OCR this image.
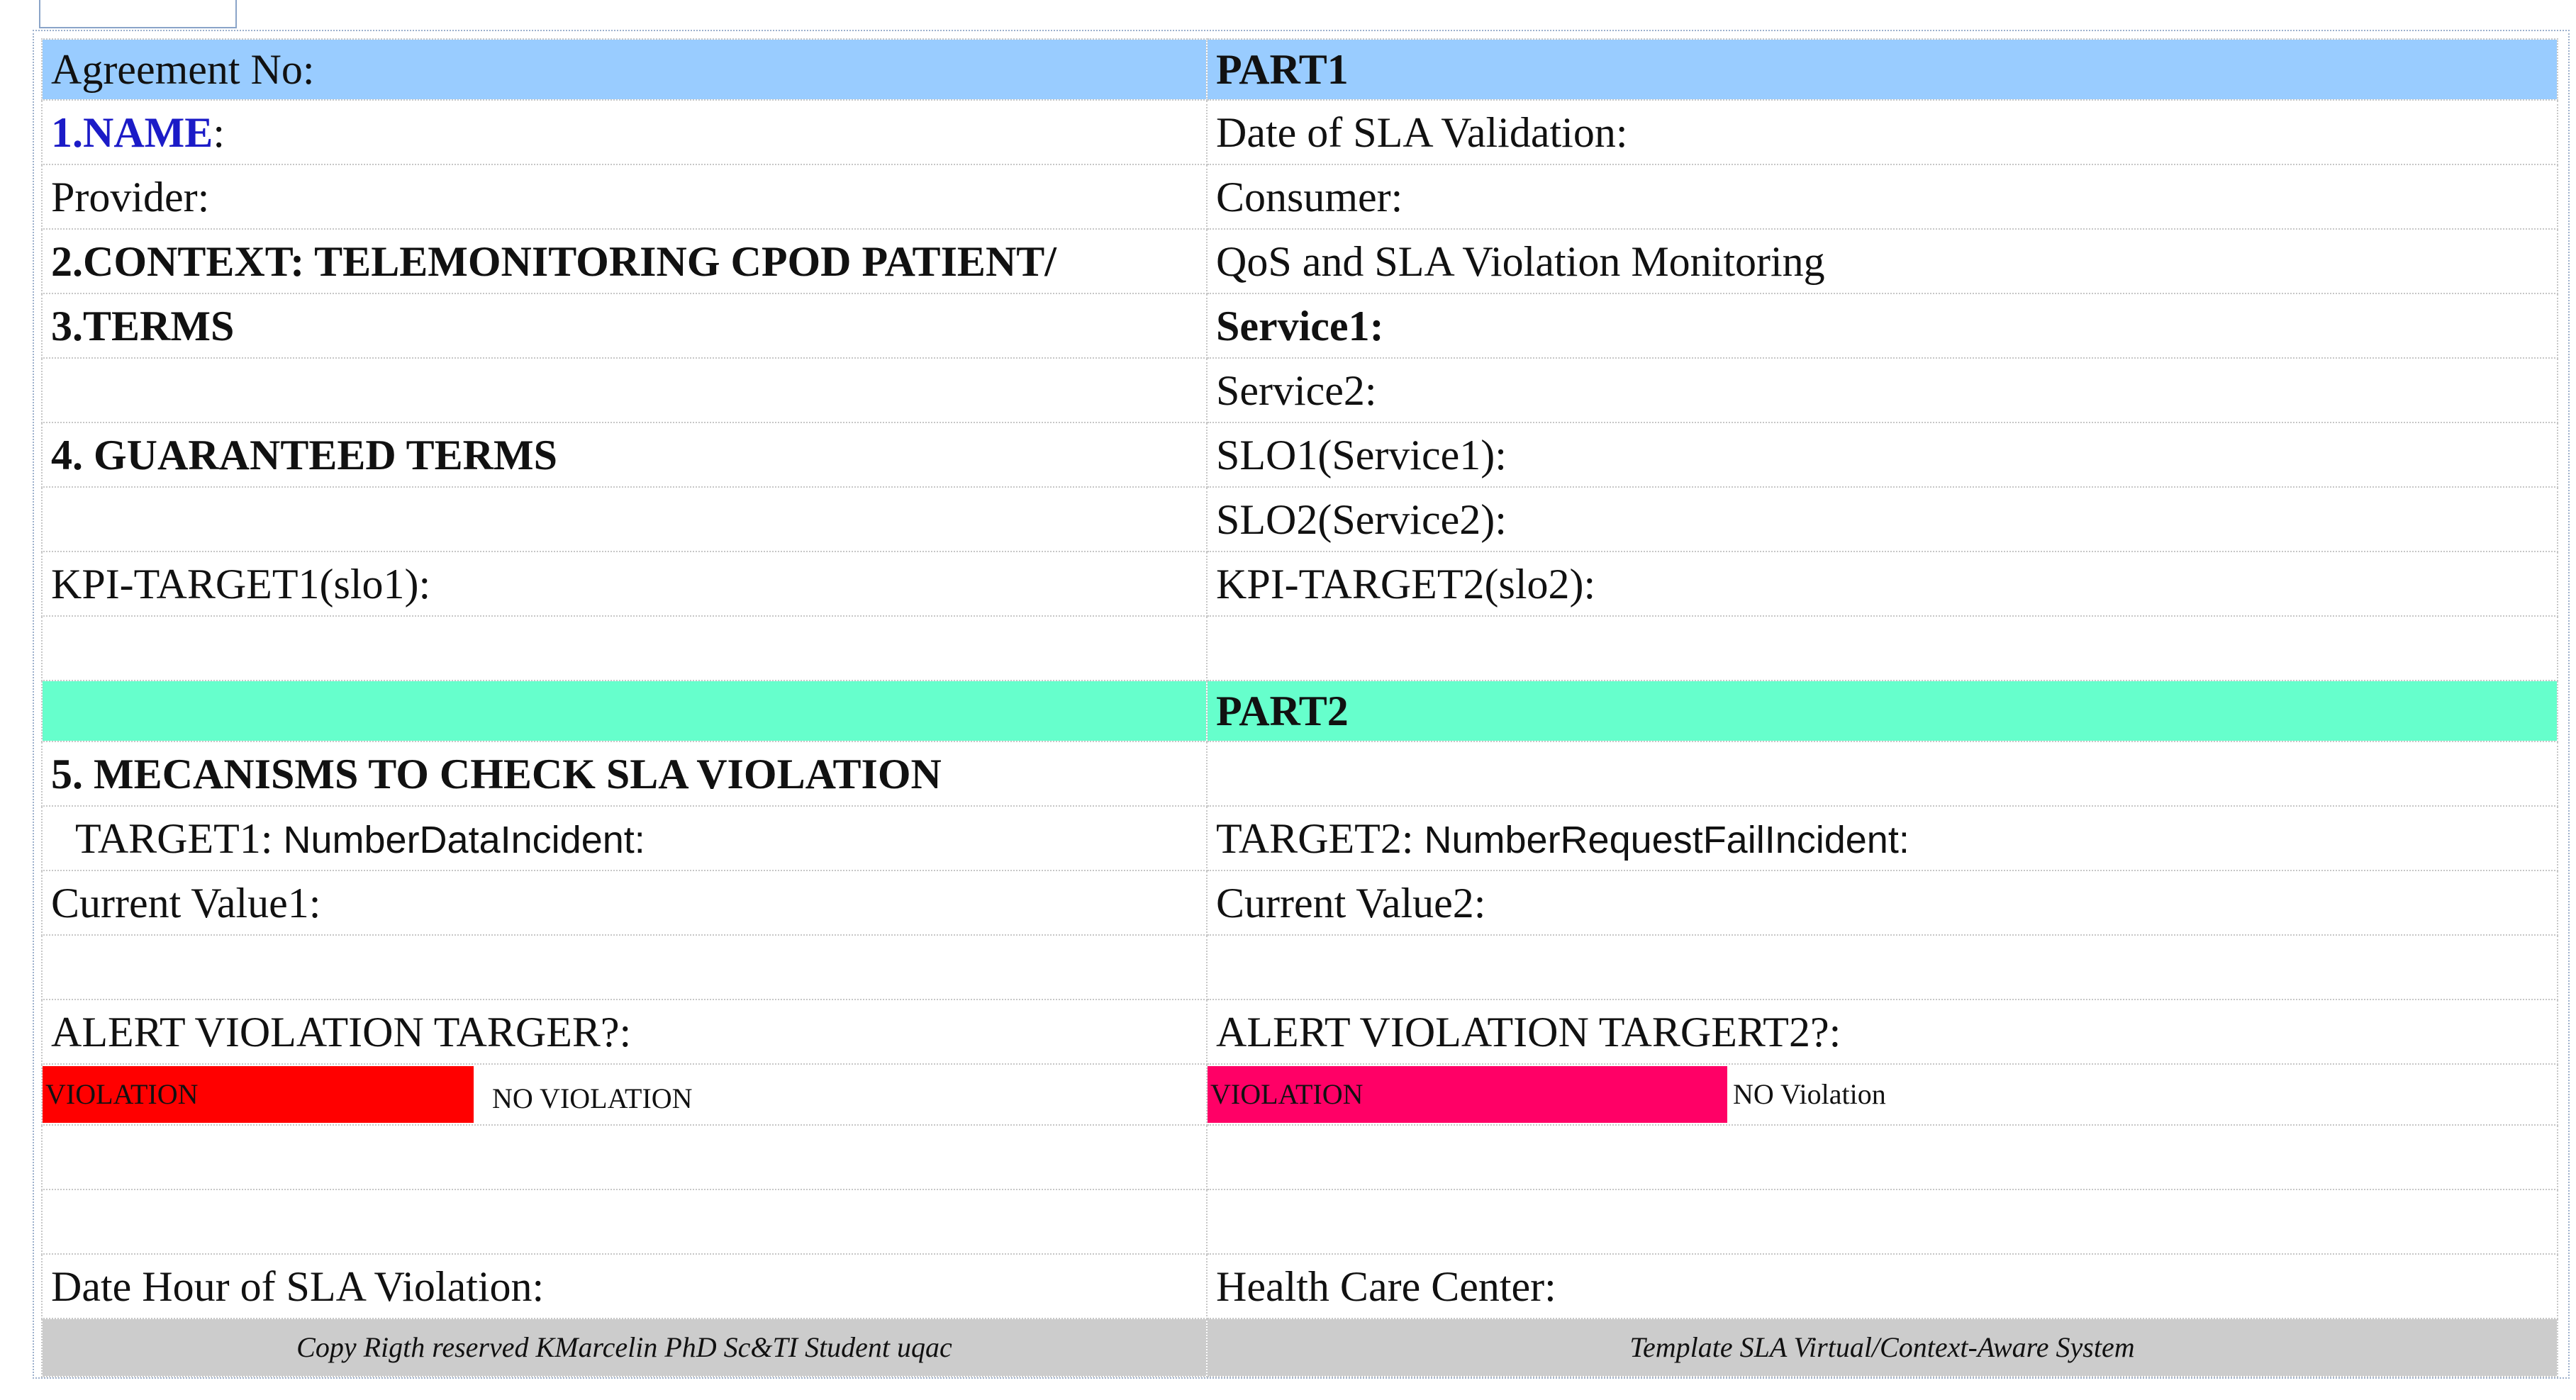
Agreement No:	PART1
1.NAME:	Date of SLA Validation:
Provider:	Consumer:
2.CONTEXT: TELEMONITORING CPOD PATIENT/	QoS and SLA Violation Monitoring
3.TERMS	Service1:
	Service2:
4. GUARANTEED TERMS	SLO1(Service1):
	SLO2(Service2):
KPI-TARGET1(slo1):	KPI-TARGET2(slo2):

	PART2
5. MECANISMS TO CHECK SLA VIOLATION	
TARGET1: NumberDataIncident:	TARGET2: NumberRequestFailIncident:
Current Value1:	Current Value2:

ALERT VIOLATION TARGER?:	ALERT VIOLATION TARGERT2?:
VIOLATION NO VIOLATION	VIOLATION NO Violation

Date Hour of SLA Violation:	Health Care Center:
Copy Rigth reserved KMarcelin PhD Sc&TI Student uqac	Template SLA Virtual/Context-Aware System
